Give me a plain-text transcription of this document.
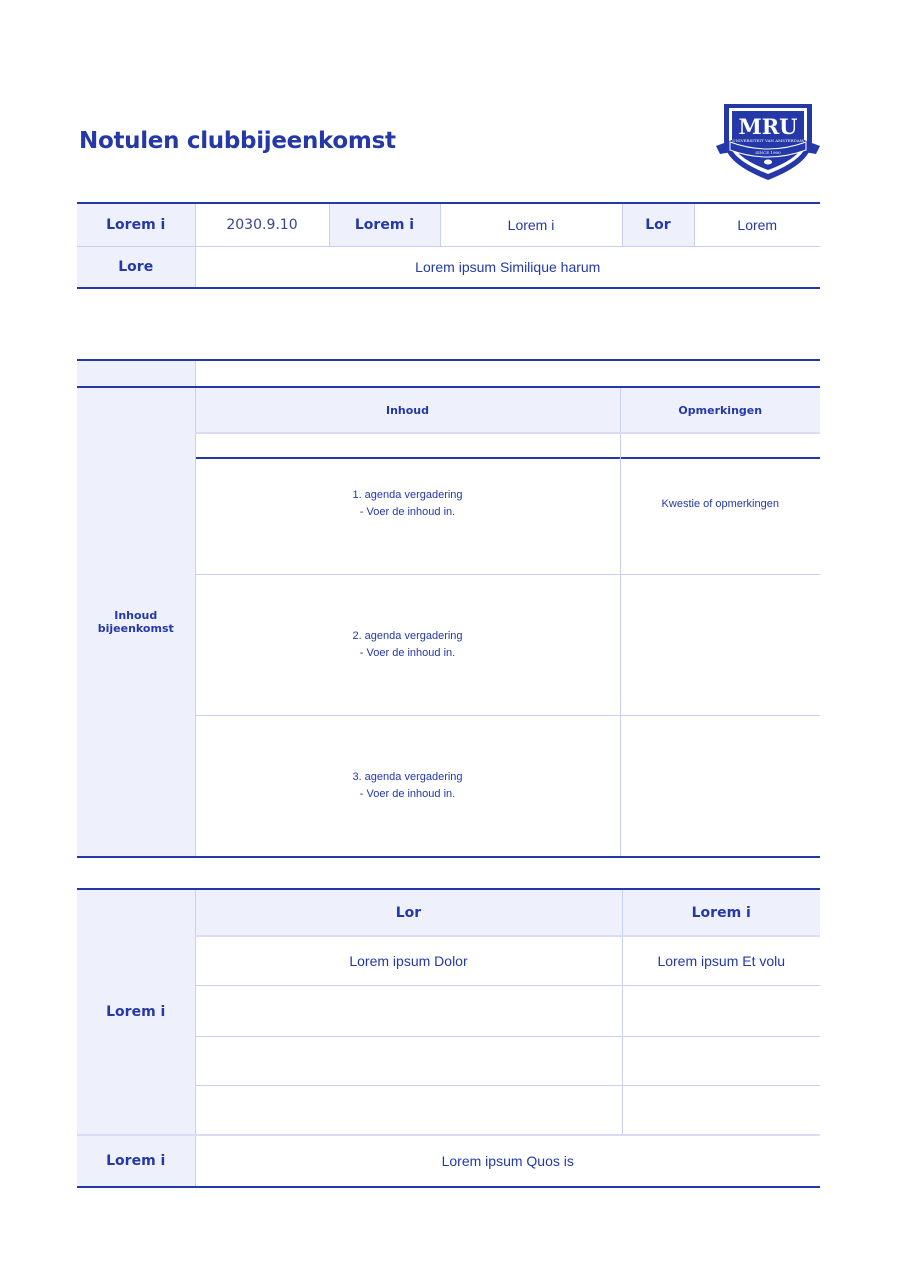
Notulen clubbijeenkomst
MRU
UNIVERSITEIT VAN AMSTERDAM
SINCE 1900
Lorem i	2030.9.10	Lorem i	Lorem i	Lor	Lorem
Lore	Lorem ipsum Similique harum				

Inhoud bijeenkomst	Inhoud	Opmerkingen

	1. agenda vergadering
- Voer de inhoud in.	Kwestie of opmerkingen

	2. agenda vergadering
- Voer de inhoud in.	

	3. agenda vergadering
- Voer de inhoud in.	

Lorem i	Lor	Lorem i
	Lorem ipsum Dolor	Lorem ipsum Et volu

Lorem i	Lorem ipsum Quos is	
